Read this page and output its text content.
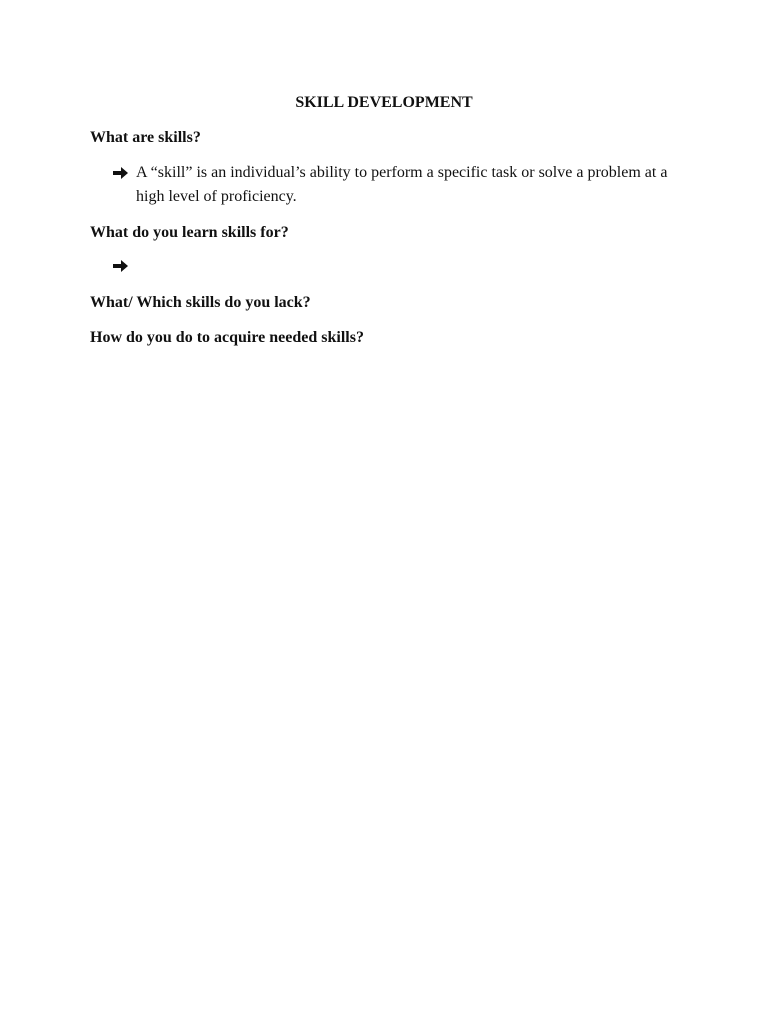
SKILL DEVELOPMENT
What are skills?
A “skill” is an individual’s ability to perform a specific task or solve a problem at a high level of proficiency.
What do you learn skills for?
What/ Which skills do you lack?
How do you do to acquire needed skills?
